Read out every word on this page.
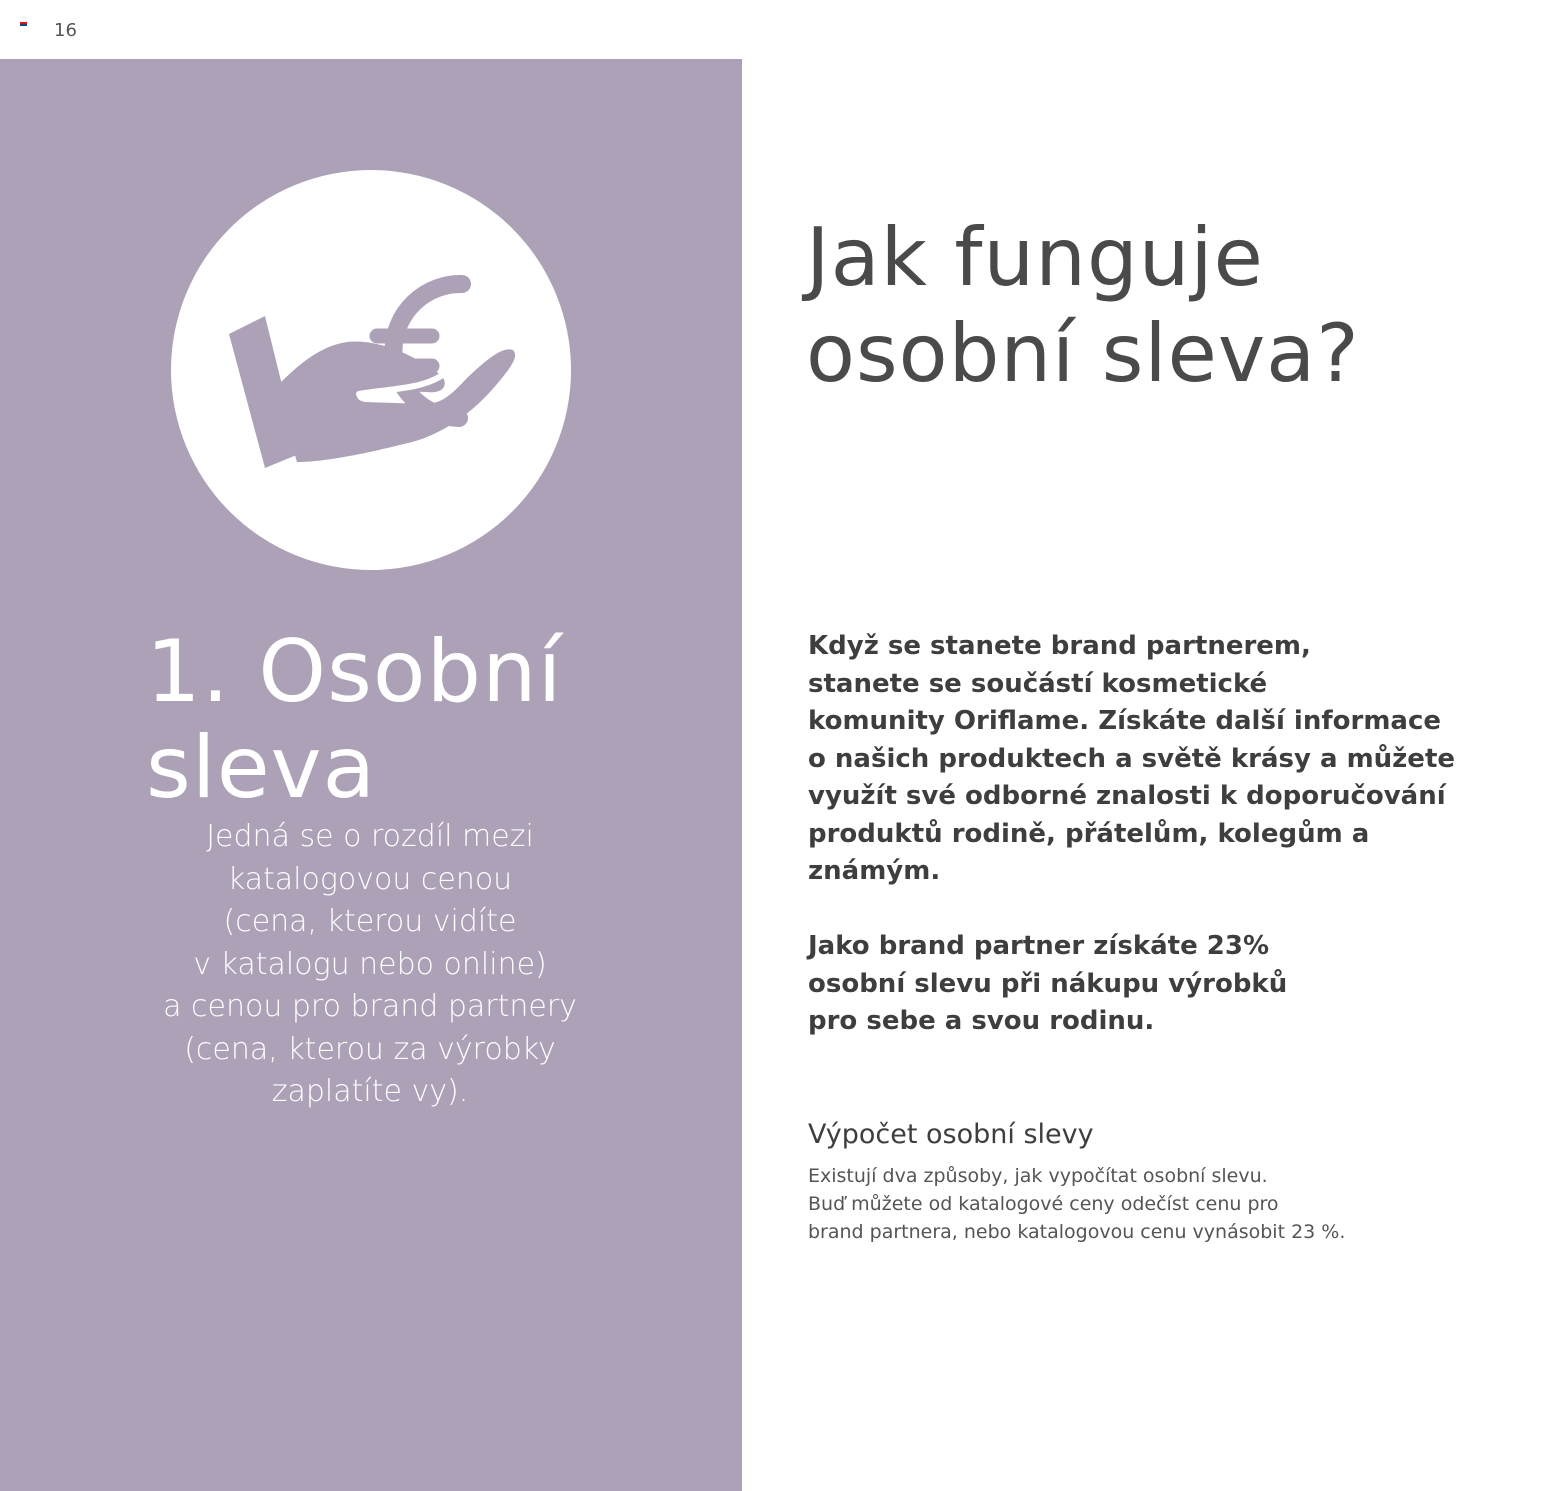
16
1. Osobní
sleva

Jedná se o rozdíl mezi
katalogovou cenou
(cena, kterou vidíte
v katalogu nebo online)
a cenou pro brand partnery
(cena, kterou za výrobky
zaplatíte vy).

Jak funguje
osobní sleva?

Když se stanete brand partnerem,
stanete se součástí kosmetické
komunity Oriflame. Získáte další informace
o našich produktech a světě krásy a můžete
využít své odborné znalosti k doporučování
produktů rodině, přátelům, kolegům a
známým.

Jako brand partner získáte 23%
osobní slevu při nákupu výrobků
pro sebe a svou rodinu.

Výpočet osobní slevy

Existují dva způsoby, jak vypočítat osobní slevu.
Buď můžete od katalogové ceny odečíst cenu pro
brand partnera, nebo katalogovou cenu vynásobit 23 %.
